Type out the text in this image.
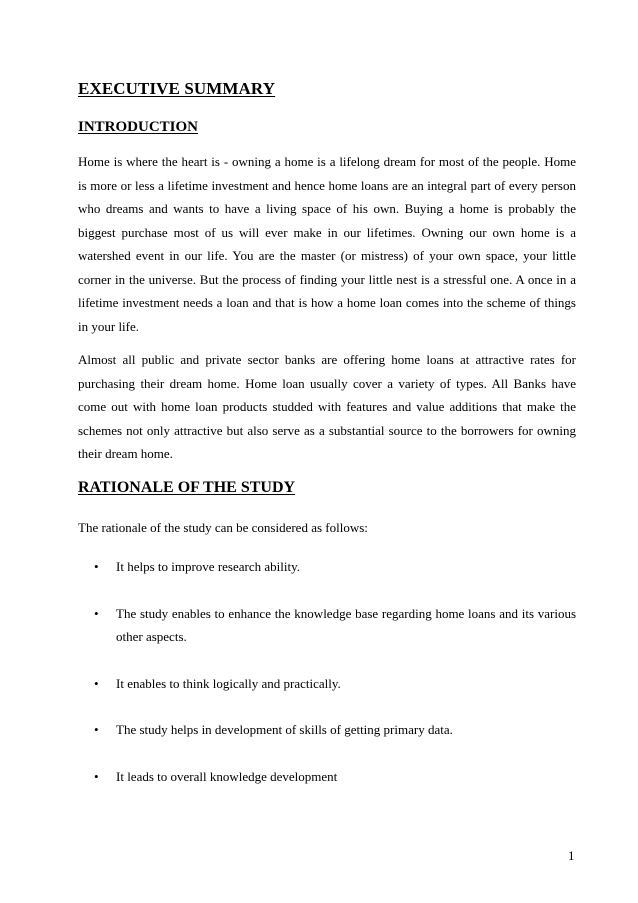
EXECUTIVE SUMMARY
INTRODUCTION

Home is where the heart is - owning a home is a lifelong dream for most of the people. Home is more or less a lifetime investment and hence home loans are an integral part of every person who dreams and wants to have a living space of his own. Buying a home is probably the biggest purchase most of us will ever make in our lifetimes. Owning our own home is a watershed event in our life. You are the master (or mistress) of your own space, your little corner in the universe. But the process of finding your little nest is a stressful one. A once in a lifetime investment needs a loan and that is how a home loan comes into the scheme of things in your life.

Almost all public and private sector banks are offering home loans at attractive rates for purchasing their dream home. Home loan usually cover a variety of types. All Banks have come out with home loan products studded with features and value additions that make the schemes not only attractive but also serve as a substantial source to the borrowers for owning their dream home.

RATIONALE OF THE STUDY

The rationale of the study can be considered as follows:

• It helps to improve research ability.
• The study enables to enhance the knowledge base regarding home loans and its various other aspects.
• It enables to think logically and practically.
• The study helps in development of skills of getting primary data.
• It leads to overall knowledge development
1
